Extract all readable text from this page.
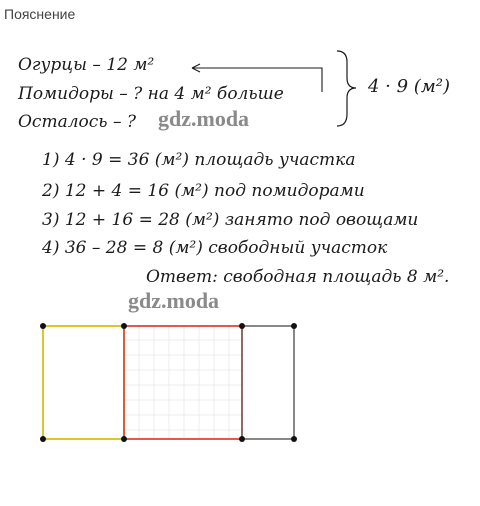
Пояснение
Огурцы – 12 м²
Помидоры – ? на 4 м² больше
Осталось – ?
4 · 9 (м²)
1) 4 · 9 = 36 (м²) площадь участка
2) 12 + 4 = 16 (м²) под помидорами
3) 12 + 16 = 28 (м²) занято под овощами
4) 36 – 28 = 8 (м²) свободный участок
Ответ: свободная площадь 8 м².
gdz.moda
gdz.moda
